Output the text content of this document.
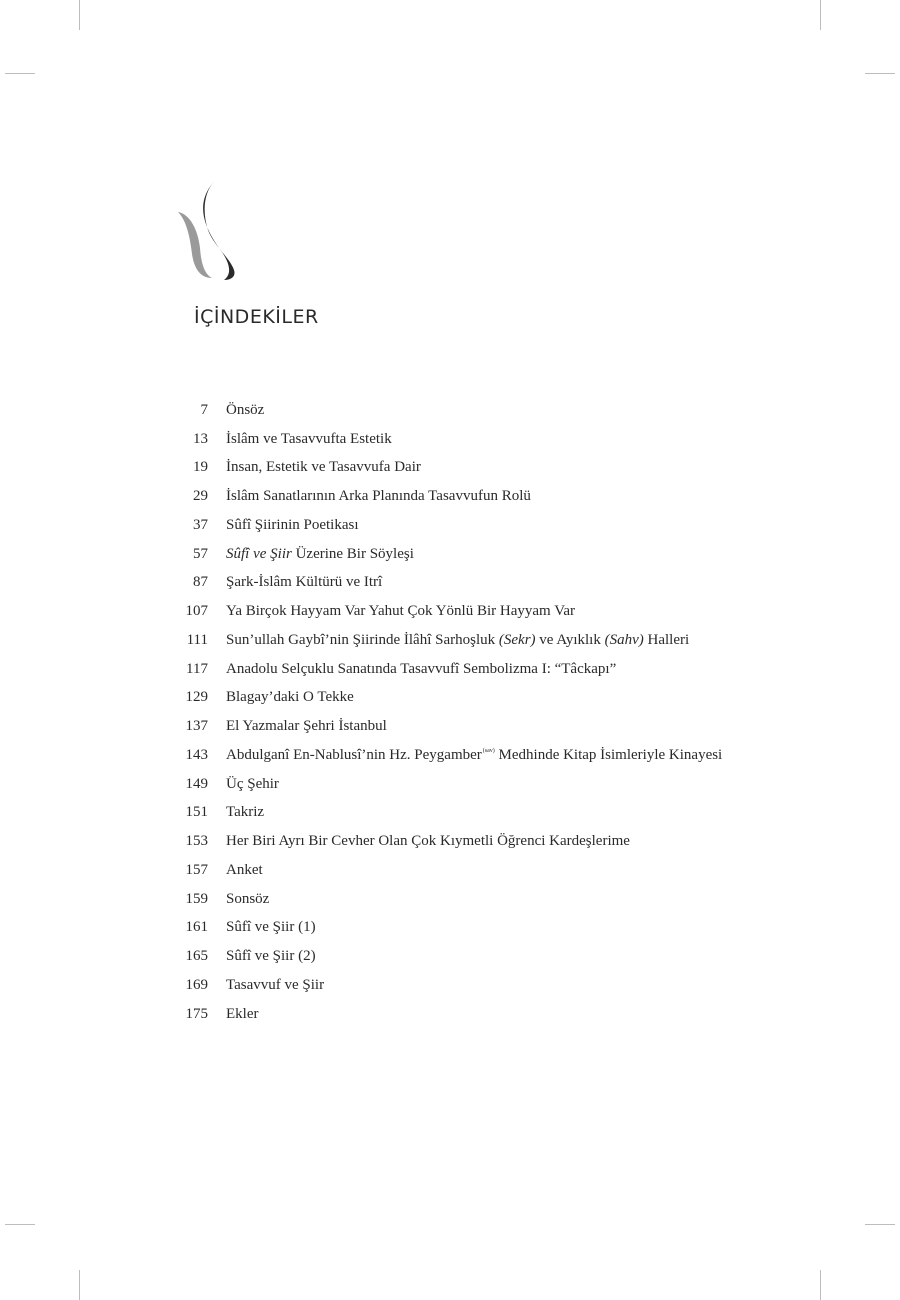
İÇİNDEKİLER
7 Önsöz
13 İslâm ve Tasavvufta Estetik
19 İnsan, Estetik ve Tasavvufa Dair
29 İslâm Sanatlarının Arka Planında Tasavvufun Rolü
37 Sûfî Şiirinin Poetikası
57 Sûfî ve Şiir Üzerine Bir Söyleşi
87 Şark-İslâm Kültürü ve Itrî
107 Ya Birçok Hayyam Var Yahut Çok Yönlü Bir Hayyam Var
111 Sun’ullah Gaybî’nin Şiirinde İlâhî Sarhoşluk (Sekr) ve Ayıklık (Sahv) Halleri
117 Anadolu Selçuklu Sanatında Tasavvufî Sembolizma I: “Tâckapı”
129 Blagay’daki O Tekke
137 El Yazmalar Şehri İstanbul
143 Abdulganî En-Nablusî’nin Hz. Peygamber$^{(sav)}$ Medhinde Kitap İsimleriyle Kinayesi
149 Üç Şehir
151 Takriz
153 Her Biri Ayrı Bir Cevher Olan Çok Kıymetli Öğrenci Kardeşlerime
157 Anket
159 Sonsöz
161 Sûfî ve Şiir (1)
165 Sûfî ve Şiir (2)
169 Tasavvuf ve Şiir
175 Ekler
